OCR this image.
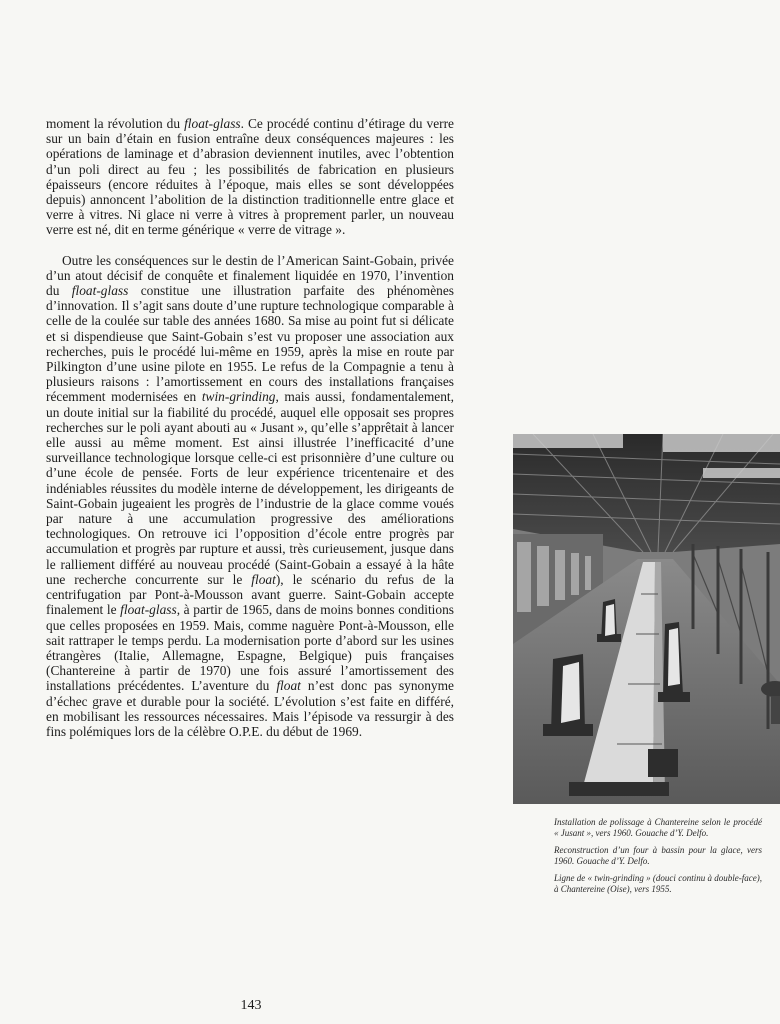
moment la révolution du float-glass. Ce procédé continu d’étirage du verre sur un bain d’étain en fusion entraîne deux conséquences majeures : les opérations de laminage et d’abrasion deviennent inutiles, avec l’obtention d’un poli direct au feu ; les possibilités de fabrication en plusieurs épaisseurs (encore réduites à l’époque, mais elles se sont développées depuis) annoncent l’abolition de la distinction traditionnelle entre glace et verre à vitres. Ni glace ni verre à vitres à proprement parler, un nouveau verre est né, dit en terme générique « verre de vitrage ».

Outre les conséquences sur le destin de l’American Saint-Gobain, privée d’un atout décisif de conquête et finalement liquidée en 1970, l’invention du float-glass constitue une illustration parfaite des phénomènes d’innovation. Il s’agit sans doute d’une rupture technologique comparable à celle de la coulée sur table des années 1680. Sa mise au point fut si délicate et si dispendieuse que Saint-Gobain s’est vu proposer une association aux recherches, puis le procédé lui-même en 1959, après la mise en route par Pilkington d’une usine pilote en 1955. Le refus de la Compagnie a tenu à plusieurs raisons : l’amortissement en cours des installations françaises récemment modernisées en twin-grinding, mais aussi, fondamentalement, un doute initial sur la fiabilité du procédé, auquel elle opposait ses propres recherches sur le poli ayant abouti au « Jusant », qu’elle s’apprêtait à lancer elle aussi au même moment. Est ainsi illustrée l’inefficacité d’une surveillance technologique lorsque celle-ci est prisonnière d’une culture ou d’une école de pensée. Forts de leur expérience tricentenaire et des indéniables réussites du modèle interne de développement, les dirigeants de Saint-Gobain jugeaient les progrès de l’industrie de la glace comme voués par nature à une accumulation progressive des améliorations technologiques. On retrouve ici l’opposition d’école entre progrès par accumulation et progrès par rupture et aussi, très curieusement, jusque dans le ralliement différé au nouveau procédé (Saint-Gobain a essayé à la hâte une recherche concurrente sur le float), le scénario du refus de la centrifugation par Pont-à-Mousson avant guerre. Saint-Gobain accepte finalement le float-glass, à partir de 1965, dans de moins bonnes conditions que celles proposées en 1959. Mais, comme naguère Pont-à-Mousson, elle sait rattraper le temps perdu. La modernisation porte d’abord sur les usines étrangères (Italie, Allemagne, Espagne, Belgique) puis françaises (Chantereine à partir de 1970) une fois assuré l’amortissement des installations précédentes. L’aventure du float n’est donc pas synonyme d’échec grave et durable pour la société. L’évolution s’est faite en différé, en mobilisant les ressources nécessaires. Mais l’épisode va ressurgir à des fins polémiques lors de la célèbre O.P.E. du début de 1969.

Installation de polissage à Chantereine selon le procédé « Jusant », vers 1960. Gouache d’Y. Delfo.

Reconstruction d’un four à bassin pour la glace, vers 1960. Gouache d’Y. Delfo.

Ligne de « twin-grinding » (douci continu à double-face), à Chantereine (Oise), vers 1955.

143
